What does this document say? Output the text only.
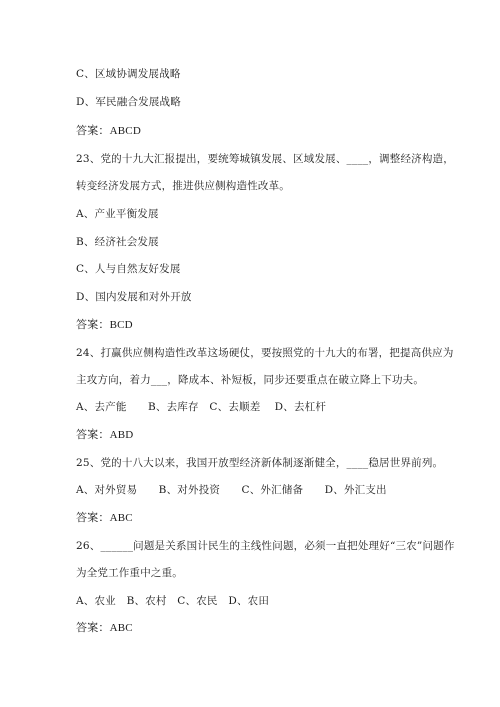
C、区域协调发展战略
D、军民融合发展战略
答案：ABCD
23、党的十九大汇报提出，要统筹城镇发展、区域发展、____，调整经济构造，
转变经济发展方式，推进供应侧构造性改革。
A、产业平衡发展
B、经济社会发展
C、人与自然友好发展
D、国内发展和对外开放
答案：BCD
24、打赢供应侧构造性改革这场硬仗，要按照党的十九大的布署，把提高供应为
主攻方向，着力___，降成本、补短板，同步还要重点在破立降上下功夫。
A、去产能　　B、去库存　C、去顺差　 D、去杠杆
答案：ABD
25、党的十八大以来，我国开放型经济新体制逐渐健全，____稳居世界前列。
A、对外贸易　　B、对外投资　　C、外汇储备　　D、外汇支出
答案：ABC
26、______问题是关系国计民生的主线性问题，必须一直把处理好“三农”问题作
为全党工作重中之重。
A、农业　B、农村　C、农民　D、农田
答案：ABC
